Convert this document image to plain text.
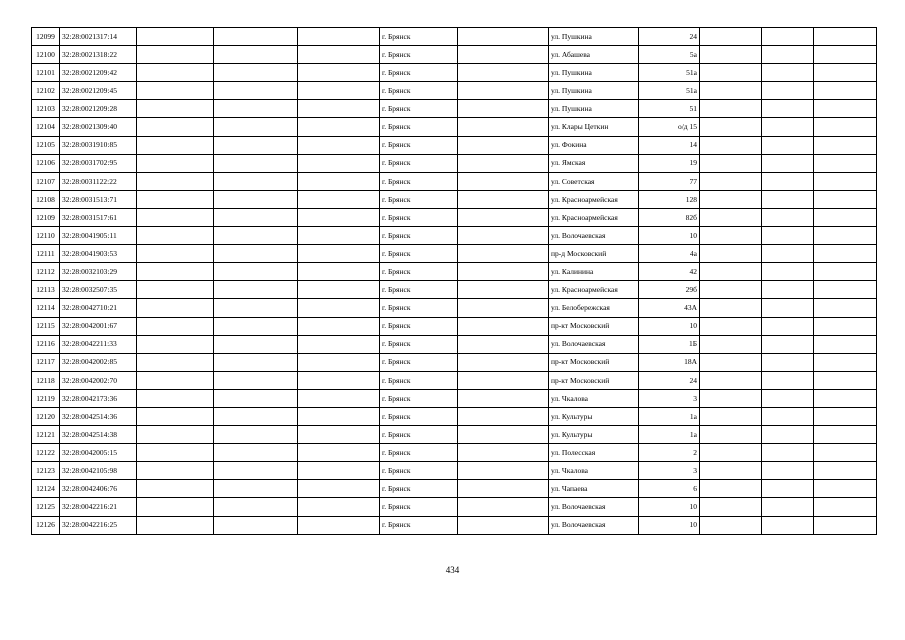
12099	32:28:0021317:14				г. Брянск		ул. Пушкина	24			
12100	32:28:0021318:22				г. Брянск		ул. Абашева	5а			
12101	32:28:0021209:42				г. Брянск		ул. Пушкина	51а			
12102	32:28:0021209:45				г. Брянск		ул. Пушкина	51а			
12103	32:28:0021209:28				г. Брянск		ул. Пушкина	51			
12104	32:28:0021309:40				г. Брянск		ул. Клары Цеткин	о/д 15			
12105	32:28:0031910:85				г. Брянск		ул. Фокина	14			
12106	32:28:0031702:95				г. Брянск		ул. Ямская	19			
12107	32:28:0031122:22				г. Брянск		ул. Советская	77			
12108	32:28:0031513:71				г. Брянск		ул. Красноармейская	128			
12109	32:28:0031517:61				г. Брянск		ул. Красноармейская	82б			
12110	32:28:0041905:11				г. Брянск		ул. Волочаевская	10			
12111	32:28:0041903:53				г. Брянск		пр-д Московский	4а			
12112	32:28:0032103:29				г. Брянск		ул. Калинина	42			
12113	32:28:0032507:35				г. Брянск		ул. Красноармейская	29б			
12114	32:28:0042710:21				г. Брянск		ул. Белобережская	43А			
12115	32:28:0042001:67				г. Брянск		пр-кт Московский	10			
12116	32:28:0042211:33				г. Брянск		ул. Волочаевская	1Б			
12117	32:28:0042002:85				г. Брянск		пр-кт Московский	18А			
12118	32:28:0042002:70				г. Брянск		пр-кт Московский	24			
12119	32:28:0042173:36				г. Брянск		ул. Чкалова	3			
12120	32:28:0042514:36				г. Брянск		ул. Культуры	1а			
12121	32:28:0042514:38				г. Брянск		ул. Культуры	1а			
12122	32:28:0042005:15				г. Брянск		ул. Полесская	2			
12123	32:28:0042105:98				г. Брянск		ул. Чкалова	3			
12124	32:28:0042406:76				г. Брянск		ул. Чапаева	6			
12125	32:28:0042216:21				г. Брянск		ул. Волочаевская	10			
12126	32:28:0042216:25				г. Брянск		ул. Волочаевская	10			
434
